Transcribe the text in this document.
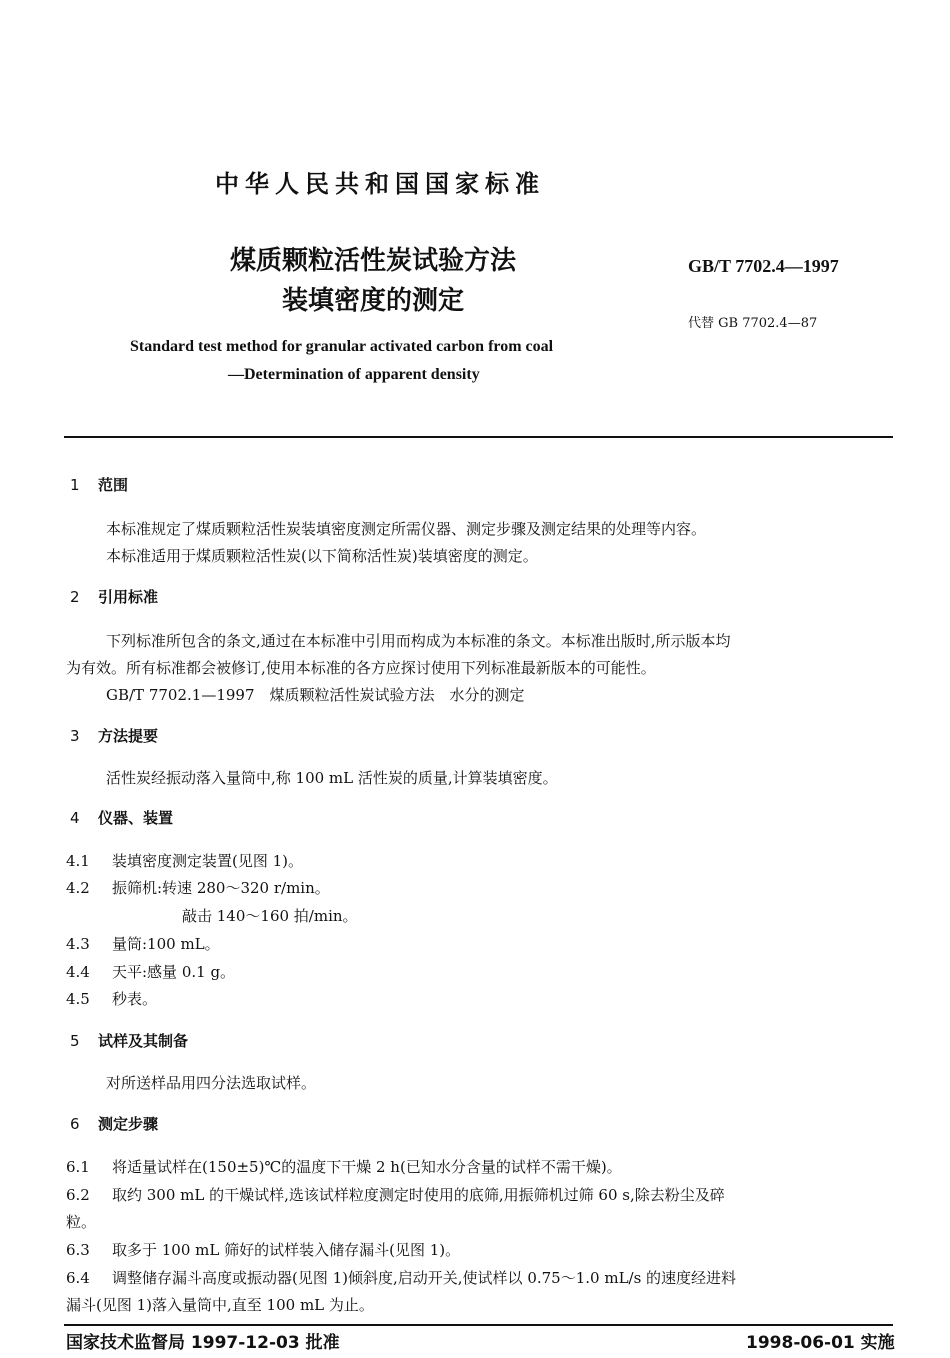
中华人民共和国国家标准
煤质颗粒活性炭试验方法
装填密度的测定
GB/T 7702.4—1997
代替 GB 7702.4—87
Standard test method for granular activated carbon from coal
—Determination of apparent density
1 范围
本标准规定了煤质颗粒活性炭装填密度测定所需仪器、测定步骤及测定结果的处理等内容。
本标准适用于煤质颗粒活性炭(以下简称活性炭)装填密度的测定。
2 引用标准
下列标准所包含的条文,通过在本标准中引用而构成为本标准的条文。本标准出版时,所示版本均
为有效。所有标准都会被修订,使用本标准的各方应探讨使用下列标准最新版本的可能性。
GB/T 7702.1—1997　煤质颗粒活性炭试验方法　水分的测定
3 方法提要
活性炭经振动落入量筒中,称 100 mL 活性炭的质量,计算装填密度。
4 仪器、装置
4.1 装填密度测定装置(见图 1)。
4.2 振筛机:转速 280～320 r/min。
敲击 140～160 拍/min。
4.3 量筒:100 mL。
4.4 天平:感量 0.1 g。
4.5 秒表。
5 试样及其制备
对所送样品用四分法选取试样。
6 测定步骤
6.1 将适量试样在(150±5)℃的温度下干燥 2 h(已知水分含量的试样不需干燥)。
6.2 取约 300 mL 的干燥试样,选该试样粒度测定时使用的底筛,用振筛机过筛 60 s,除去粉尘及碎
粒。
6.3 取多于 100 mL 筛好的试样装入储存漏斗(见图 1)。
6.4 调整储存漏斗高度或振动器(见图 1)倾斜度,启动开关,使试样以 0.75～1.0 mL/s 的速度经进料
漏斗(见图 1)落入量筒中,直至 100 mL 为止。
国家技术监督局 1997-12-03 批准	1998-06-01 实施
